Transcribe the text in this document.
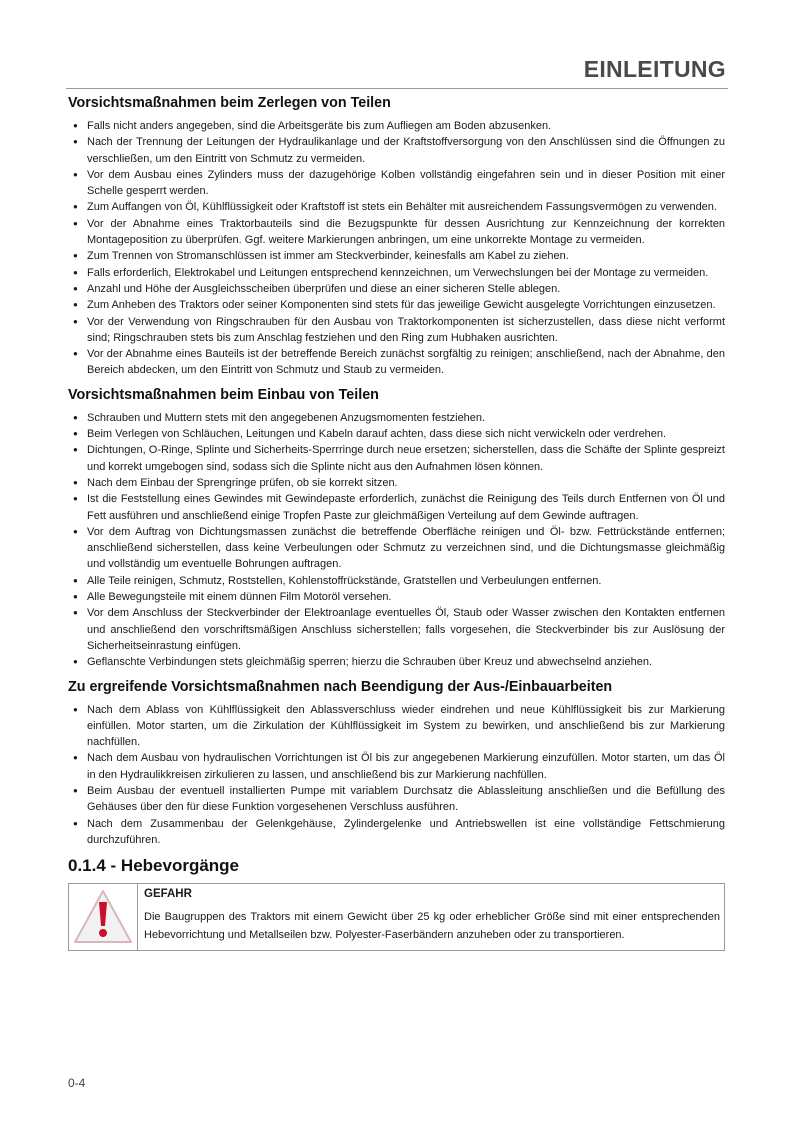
EINLEITUNG
Vorsichtsmaßnahmen beim Zerlegen von Teilen
● Falls nicht anders angegeben, sind die Arbeitsgeräte bis zum Aufliegen am Boden abzusenken.
● Nach der Trennung der Leitungen der Hydraulikanlage und der Kraftstoffversorgung von den Anschlüssen sind die Öffnungen zu verschließen, um den Eintritt von Schmutz zu vermeiden.
● Vor dem Ausbau eines Zylinders muss der dazugehörige Kolben vollständig eingefahren sein und in dieser Position mit einer Schelle gesperrt werden.
● Zum Auffangen von Öl, Kühlflüssigkeit oder Kraftstoff ist stets ein Behälter mit ausreichendem Fassungsvermögen zu verwenden.
● Vor der Abnahme eines Traktorbauteils sind die Bezugspunkte für dessen Ausrichtung zur Kennzeichnung der korrekten Montageposition zu überprüfen. Ggf. weitere Markierungen anbringen, um eine unkorrekte Montage zu vermeiden.
● Zum Trennen von Stromanschlüssen ist immer am Steckverbinder, keinesfalls am Kabel zu ziehen.
● Falls erforderlich, Elektrokabel und Leitungen entsprechend kennzeichnen, um Verwechslungen bei der Montage zu vermeiden.
● Anzahl und Höhe der Ausgleichsscheiben überprüfen und diese an einer sicheren Stelle ablegen.
● Zum Anheben des Traktors oder seiner Komponenten sind stets für das jeweilige Gewicht ausgelegte Vorrichtungen einzusetzen.
● Vor der Verwendung von Ringschrauben für den Ausbau von Traktorkomponenten ist sicherzustellen, dass diese nicht verformt sind; Ringschrauben stets bis zum Anschlag festziehen und den Ring zum Hubhaken ausrichten.
● Vor der Abnahme eines Bauteils ist der betreffende Bereich zunächst sorgfältig zu reinigen; anschließend, nach der Abnahme, den Bereich abdecken, um den Eintritt von Schmutz und Staub zu vermeiden.
Vorsichtsmaßnahmen beim Einbau von Teilen
● Schrauben und Muttern stets mit den angegebenen Anzugsmomenten festziehen.
● Beim Verlegen von Schläuchen, Leitungen und Kabeln darauf achten, dass diese sich nicht verwickeln oder verdrehen.
● Dichtungen, O-Ringe, Splinte und Sicherheits-Sperrringe durch neue ersetzen; sicherstellen, dass die Schäfte der Splinte gespreizt und korrekt umgebogen sind, sodass sich die Splinte nicht aus den Aufnahmen lösen können.
● Nach dem Einbau der Sprengringe prüfen, ob sie korrekt sitzen.
● Ist die Feststellung eines Gewindes mit Gewindepaste erforderlich, zunächst die Reinigung des Teils durch Entfernen von Öl und Fett ausführen und anschließend einige Tropfen Paste zur gleichmäßigen Verteilung auf dem Gewinde auftragen.
● Vor dem Auftrag von Dichtungsmassen zunächst die betreffende Oberfläche reinigen und Öl- bzw. Fettrückstände entfernen; anschließend sicherstellen, dass keine Verbeulungen oder Schmutz zu verzeichnen sind, und die Dichtungsmasse gleichmäßig und vollständig um eventuelle Bohrungen auftragen.
● Alle Teile reinigen, Schmutz, Roststellen, Kohlenstoffrückstände, Gratstellen und Verbeulungen entfernen.
● Alle Bewegungsteile mit einem dünnen Film Motoröl versehen.
● Vor dem Anschluss der Steckverbinder der Elektroanlage eventuelles Öl, Staub oder Wasser zwischen den Kontakten entfernen und anschließend den vorschriftsmäßigen Anschluss sicherstellen; falls vorgesehen, die Steckverbinder bis zur Auslösung der Sicherheitseinrastung einfügen.
● Geflanschte Verbindungen stets gleichmäßig sperren; hierzu die Schrauben über Kreuz und abwechselnd anziehen.
Zu ergreifende Vorsichtsmaßnahmen nach Beendigung der Aus-/Einbauarbeiten
● Nach dem Ablass von Kühlflüssigkeit den Ablassverschluss wieder eindrehen und neue Kühlflüssigkeit bis zur Markierung einfüllen. Motor starten, um die Zirkulation der Kühlflüssigkeit im System zu bewirken, und anschließend bis zur Markierung nachfüllen.
● Nach dem Ausbau von hydraulischen Vorrichtungen ist Öl bis zur angegebenen Markierung einzufüllen. Motor starten, um das Öl in den Hydraulikkreisen zirkulieren zu lassen, und anschließend bis zur Markierung nachfüllen.
● Beim Ausbau der eventuell installierten Pumpe mit variablem Durchsatz die Ablassleitung anschließen und die Befüllung des Gehäuses über den für diese Funktion vorgesehenen Verschluss ausführen.
● Nach dem Zusammenbau der Gelenkgehäuse, Zylindergelenke und Antriebswellen ist eine vollständige Fettschmierung durchzuführen.
0.1.4 - Hebevorgänge
GEFAHR
Die Baugruppen des Traktors mit einem Gewicht über 25 kg oder erheblicher Größe sind mit einer entsprechenden Hebevorrichtung und Metallseilen bzw. Polyester-Faserbändern anzuheben oder zu transportieren.
0-4
